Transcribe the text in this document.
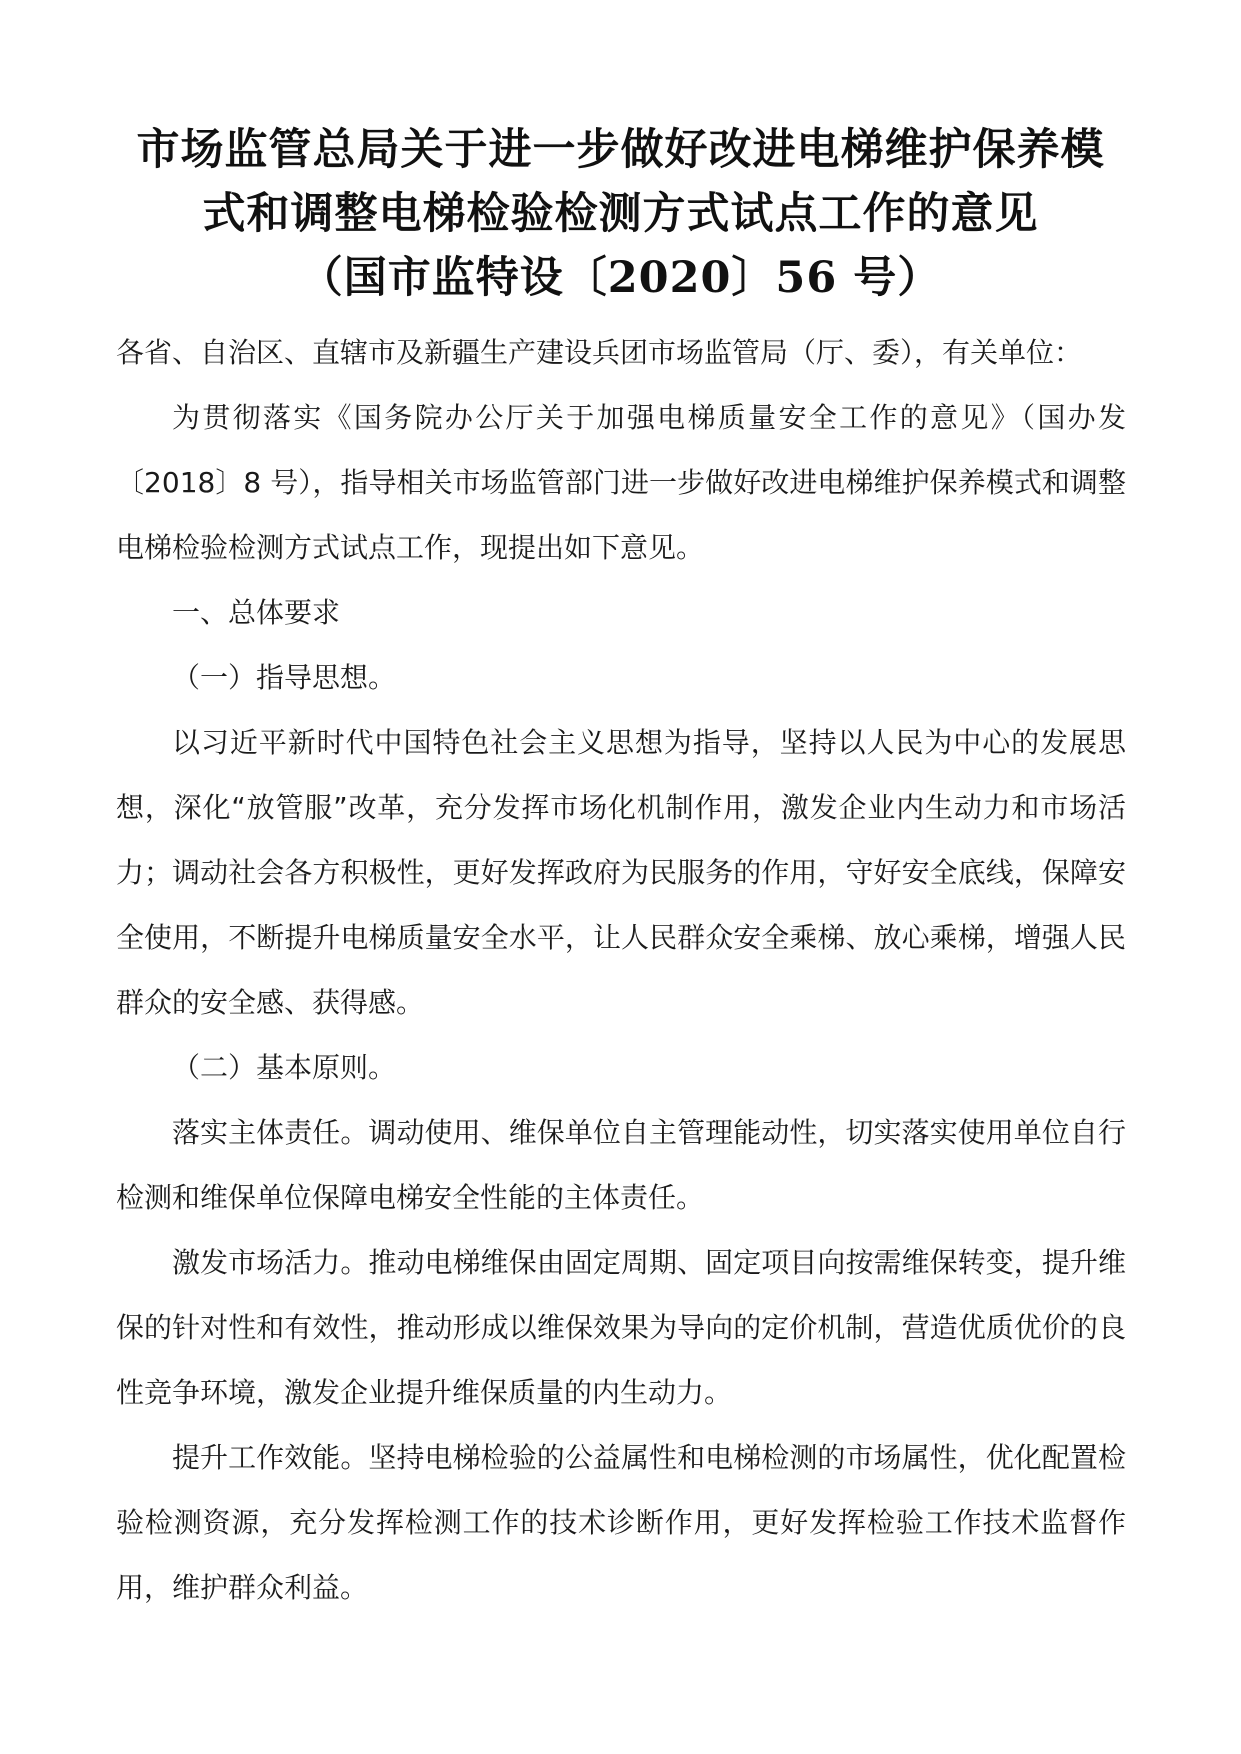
市场监管总局关于进一步做好改进电梯维护保养模
式和调整电梯检验检测方式试点工作的意见
（国市监特设〔2020〕56 号）

各省、自治区、直辖市及新疆生产建设兵团市场监管局（厅、委），有关单位：

为贯彻落实《国务院办公厅关于加强电梯质量安全工作的意见》（国办发〔2018〕8 号），指导相关市场监管部门进一步做好改进电梯维护保养模式和调整电梯检验检测方式试点工作，现提出如下意见。

一、总体要求

（一）指导思想。

以习近平新时代中国特色社会主义思想为指导，坚持以人民为中心的发展思想，深化“放管服”改革，充分发挥市场化机制作用，激发企业内生动力和市场活力；调动社会各方积极性，更好发挥政府为民服务的作用，守好安全底线，保障安全使用，不断提升电梯质量安全水平，让人民群众安全乘梯、放心乘梯，增强人民群众的安全感、获得感。

（二）基本原则。

落实主体责任。调动使用、维保单位自主管理能动性，切实落实使用单位自行检测和维保单位保障电梯安全性能的主体责任。

激发市场活力。推动电梯维保由固定周期、固定项目向按需维保转变，提升维保的针对性和有效性，推动形成以维保效果为导向的定价机制，营造优质优价的良性竞争环境，激发企业提升维保质量的内生动力。

提升工作效能。坚持电梯检验的公益属性和电梯检测的市场属性，优化配置检验检测资源，充分发挥检测工作的技术诊断作用，更好发挥检验工作技术监督作用，维护群众利益。
